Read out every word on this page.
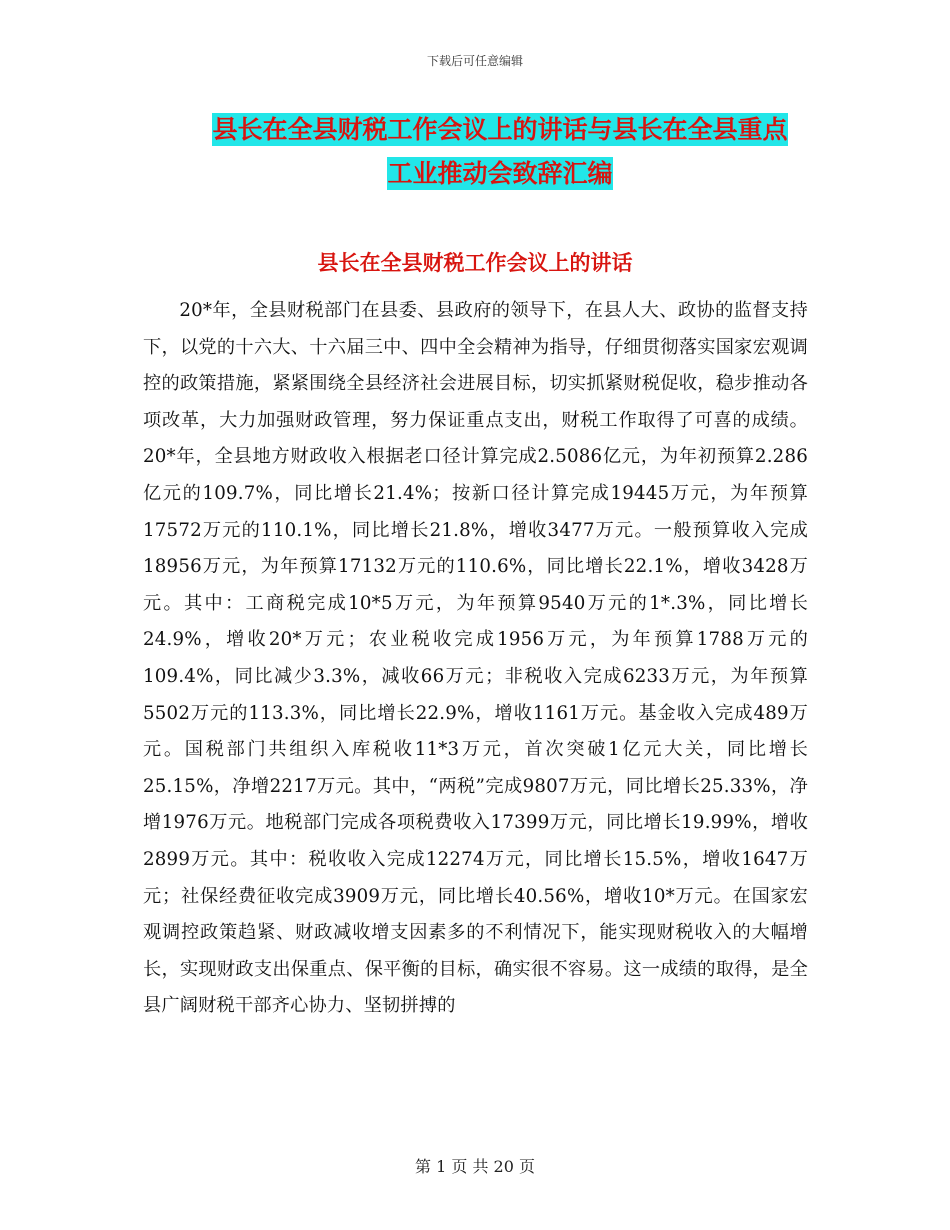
下载后可任意编辑
县长在全县财税工作会议上的讲话与县长在全县重点
工业推动会致辞汇编
县长在全县财税工作会议上的讲话

20*年，全县财税部门在县委、县政府的领导下，在县人大、政协的监督支持下，以党的十六大、十六届三中、四中全会精神为指导，仔细贯彻落实国家宏观调控的政策措施，紧紧围绕全县经济社会进展目标，切实抓紧财税促收，稳步推动各项改革，大力加强财政管理，努力保证重点支出，财税工作取得了可喜的成绩。20*年，全县地方财政收入根据老口径计算完成2.5086亿元，为年初预算2.286亿元的109.7%，同比增长21.4%；按新口径计算完成19445万元，为年预算17572万元的110.1%，同比增长21.8%，增收3477万元。一般预算收入完成18956万元，为年预算17132万元的110.6%，同比增长22.1%，增收3428万元。其中：工商税完成10*5万元，为年预算9540万元的1*.3%，同比增长24.9%，增收20*万元；农业税收完成1956万元，为年预算1788万元的109.4%，同比减少3.3%，减收66万元；非税收入完成6233万元，为年预算5502万元的113.3%，同比增长22.9%，增收1161万元。基金收入完成489万元。国税部门共组织入库税收11*3万元，首次突破1亿元大关，同比增长25.15%，净增2217万元。其中，“两税”完成9807万元，同比增长25.33%，净增1976万元。地税部门完成各项税费收入17399万元，同比增长19.99%，增收2899万元。其中：税收收入完成12274万元，同比增长15.5%，增收1647万元；社保经费征收完成3909万元，同比增长40.56%，增收10*万元。在国家宏观调控政策趋紧、财政减收增支因素多的不利情况下，能实现财税收入的大幅增长，实现财政支出保重点、保平衡的目标，确实很不容易。这一成绩的取得，是全县广阔财税干部齐心协力、坚韧拼搏的

第 1 页 共 20 页
